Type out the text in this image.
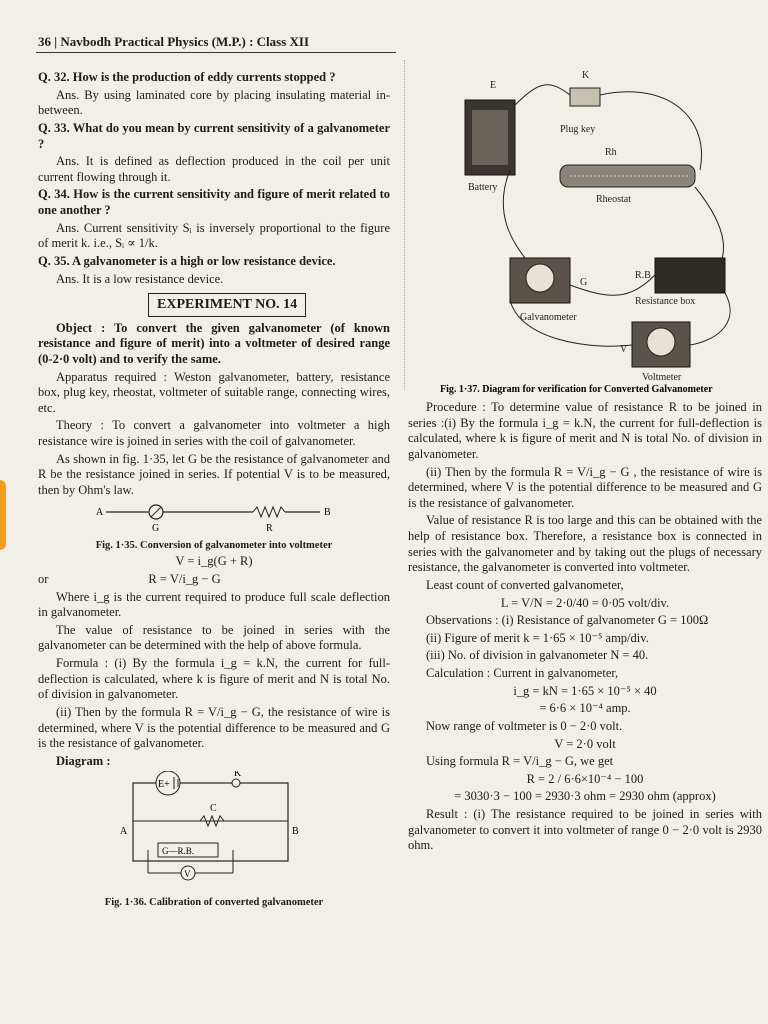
36 | Navbodh Practical Physics (M.P.) : Class XII

Q. 32. How is the production of eddy currents stopped ?

Ans. By using laminated core by placing insulating material in-between.

Q. 33. What do you mean by current sensitivity of a galvanometer ?

Ans. It is defined as deflection produced in the coil per unit current flowing through it.

Q. 34. How is the current sensitivity and figure of merit related to one another ?

Ans. Current sensitivity Sᵢ is inversely proportional to the figure of merit k. i.e., Sᵢ ∝ 1/k.

Q. 35. A galvanometer is a high or low resistance device.

Ans. It is a low resistance device.

EXPERIMENT NO. 14

Object : To convert the given galvanometer (of known resistance and figure of merit) into a voltmeter of desired range (0-2·0 volt) and to verify the same.

Apparatus required : Weston galvanometer, battery, resistance box, plug key, rheostat, voltmeter of suitable range, connecting wires, etc.

Theory : To convert a galvanometer into voltmeter a high resistance wire is joined in series with the coil of galvanometer.

As shown in fig. 1·35, let G be the resistance of galvanometer and R be the resistance joined in series. If potential V is to be measured, then by Ohm's law.

A	B
G	R

Fig. 1·35. Conversion of galvanometer into voltmeter

V = i_g(G + R)

or	R = V/i_g − G

Where i_g is the current required to produce full scale deflection in galvanometer.

The value of resistance to be joined in series with the galvanometer can be determined with the help of above formula.

Formula : (i) By the formula i_g = k.N, the current for full-deflection is calculated, where k is figure of merit and N is total No. of division in galvanometer.

(ii) Then by the formula R = V/i_g − G, the resistance of wire is determined, where V is the potential difference to be measured and G is the resistance of galvanometer.

Diagram :

E+
K
C
A	B
G—R.B.
V

Fig. 1·36. Calibration of converted galvanometer

E
Battery
K
Plug key
Rh
Rheostat
G
Galvanometer
R.B.
Resistance box
V
Voltmeter
Fig. 1·37. Diagram for verification for Converted Galvanometer

Procedure : To determine value of resistance R to be joined in series :(i) By the formula i_g = k.N, the current for full-deflection is calculated, where k is figure of merit and N is total No. of division in galvanometer.

(ii) Then by the formula R = V/i_g − G , the resistance of wire is determined, where V is the potential difference to be measured and G is the resistance of galvanometer.

Value of resistance R is too large and this can be obtained with the help of resistance box. Therefore, a resistance box is connected in series with the galvanometer and by taking out the plugs of necessary resistance, the galvanometer is converted into voltmeter.

Least count of converted galvanometer,

L = V/N = 2·0/40 = 0·05 volt/div.

Observations : (i) Resistance of galvanometer G = 100Ω

(ii) Figure of merit k = 1·65 × 10⁻⁵ amp/div.

(iii) No. of division in galvanometer N = 40.

Calculation : Current in galvanometer,

i_g = kN = 1·65 × 10⁻⁵ × 40

= 6·6 × 10⁻⁴ amp.

Now range of voltmeter is 0 − 2·0 volt.

V = 2·0 volt

Using formula R = V/i_g − G, we get

R = 2 / 6·6×10⁻⁴ − 100

= 3030·3 − 100 = 2930·3 ohm = 2930 ohm (approx)

Result : (i) The resistance required to be joined in series with galvanometer to convert it into voltmeter of range 0 − 2·0 volt is 2930 ohm.
